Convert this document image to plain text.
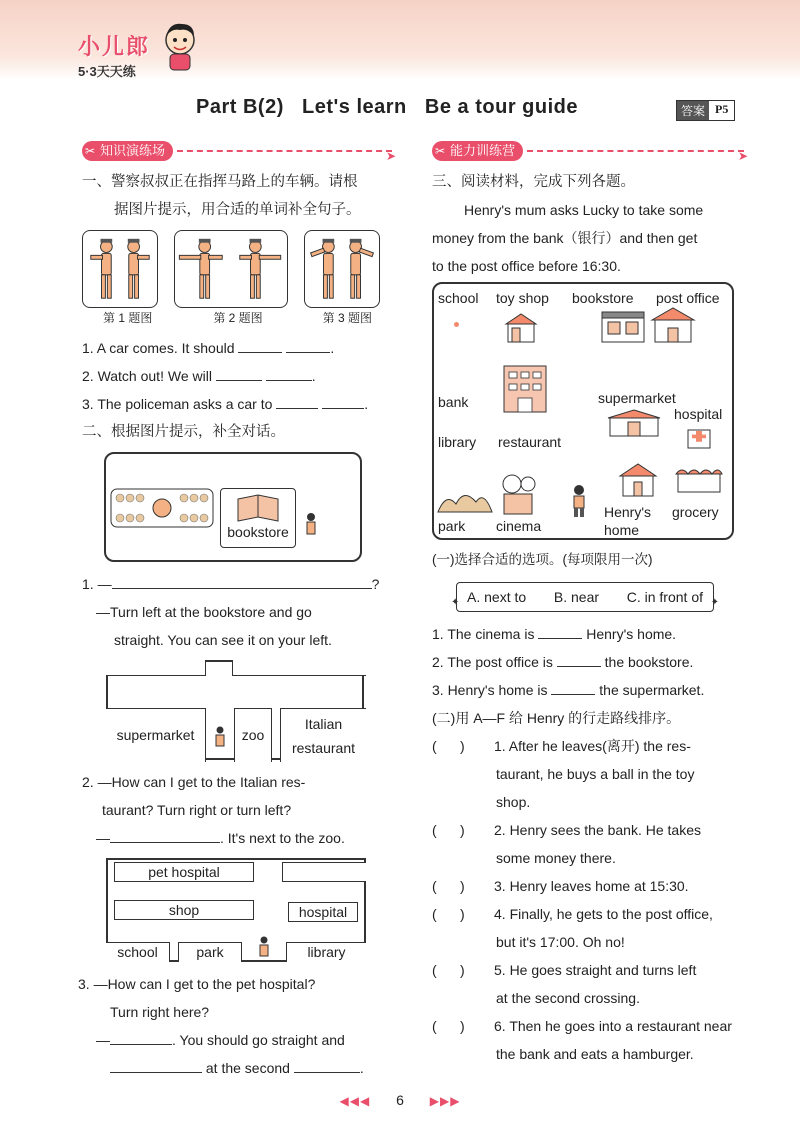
小儿郎
5·3天天练
Part B(2)   Let's learn   Be a tour guide	答案 P5
✂ 知识演练场
➤
一、警察叔叔正在指挥马路上的车辆。请根
据图片提示，用合适的单词补全句子。
第 1 题图	第 2 题图	第 3 题图
1. A car comes. It should	.
2. Watch out! We will	.
3. The policeman asks a car to	.
二、根据图片提示，补全对话。
bookstore
1. —	?
—Turn left at the bookstore and go
straight. You can see it on your left.
supermarket	zoo
Italian
restaurant
2. —How can I get to the Italian res-
taurant? Turn right or turn left?
—	. It's next to the zoo.
pet hospital
shop	hospital
school	park	library
3. —How can I get to the pet hospital?
Turn right here?
—	. You should go straight and
at the second	.
✂ 能力训练营
➤
三、阅读材料，完成下列各题。
Henry's mum asks Lucky to take some
money from the bank（银行）and then get
to the post office before 16:30.
school toy shop bookstore post office
bank	supermarket
hospital
library restaurant
park cinema
Henry's
home
grocery
(一)选择合适的选项。(每项限用一次)
✦ A. next to B. near C. in front of
✦
1. The cinema is	Henry's home.
2. The post office is	the bookstore.
3. Henry's home is	the supermarket.
(二)用 A—F 给 Henry 的行走路线排序。
(      )	1. After he leaves(离开) the res-
taurant, he buys a ball in the toy
shop.
(      )	2. Henry sees the bank. He takes
some money there.
(      )	3. Henry leaves home at 15:30.
(      )	4. Finally, he gets to the post office,
but it's 17:00. Oh no!
(      )	5. He goes straight and turns left
at the second crossing.
(      )	6. Then he goes into a restaurant near
the bank and eats a hamburger.
◀◀◀ 6 ▶▶▶
